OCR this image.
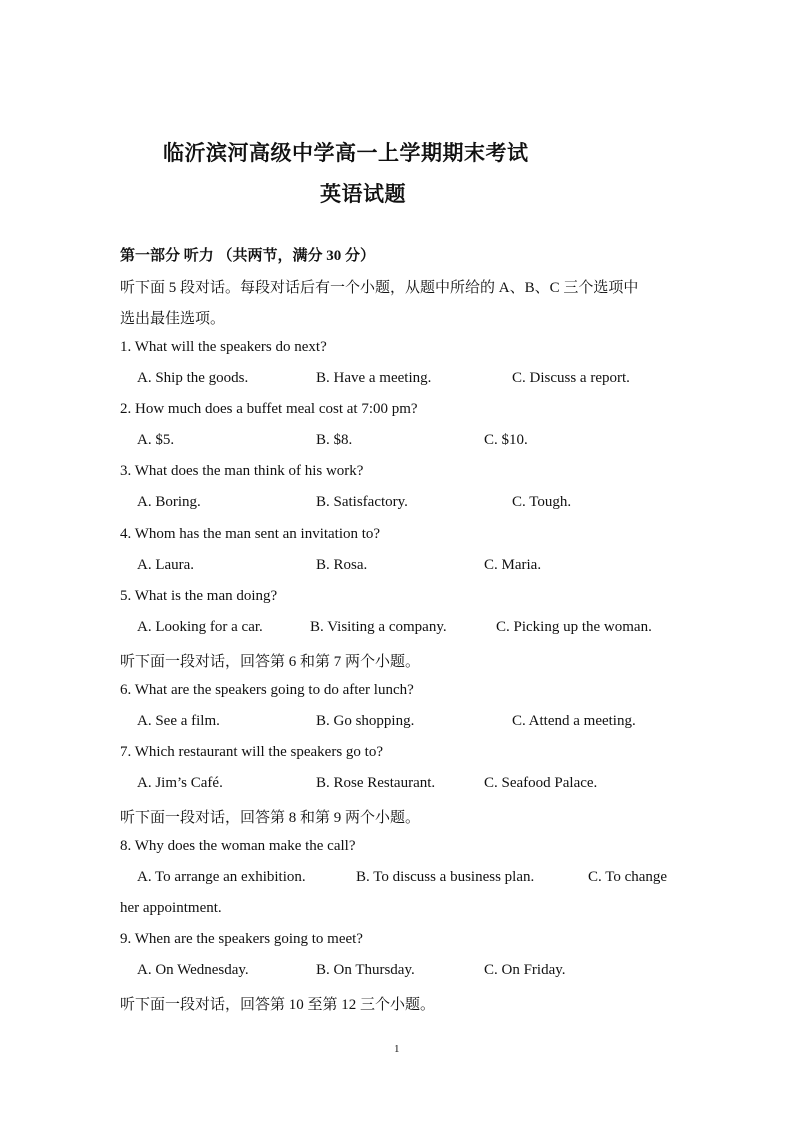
临沂滨河高级中学高一上学期期末考试
英语试题
第一部分 听力 （共两节，满分 30 分）
听下面 5 段对话。每段对话后有一个小题，从题中所给的 A、B、C 三个选项中
选出最佳选项。
1. What will the speakers do next?
A. Ship the goods.	B. Have a meeting.	C. Discuss a report.
2. How much does a buffet meal cost at 7:00 pm?
A. $5.	B. $8.	C. $10.
3. What does the man think of his work?
A. Boring.	B. Satisfactory.	C. Tough.
4. Whom has the man sent an invitation to?
A. Laura.	B. Rosa.	C. Maria.
5. What is the man doing?
A. Looking for a car.	B. Visiting a company.	C. Picking up the woman.
听下面一段对话，回答第 6 和第 7 两个小题。
6. What are the speakers going to do after lunch?
A. See a film.	B. Go shopping.	C. Attend a meeting.
7. Which restaurant will the speakers go to?
A. Jim’s Café.	B. Rose Restaurant.	C. Seafood Palace.
听下面一段对话，回答第 8 和第 9 两个小题。
8. Why does the woman make the call?
A. To arrange an exhibition.	B. To discuss a business plan.	C. To change
her appointment.
9. When are the speakers going to meet?
A. On Wednesday.	B. On Thursday.	C. On Friday.
听下面一段对话，回答第 10 至第 12 三个小题。
1
